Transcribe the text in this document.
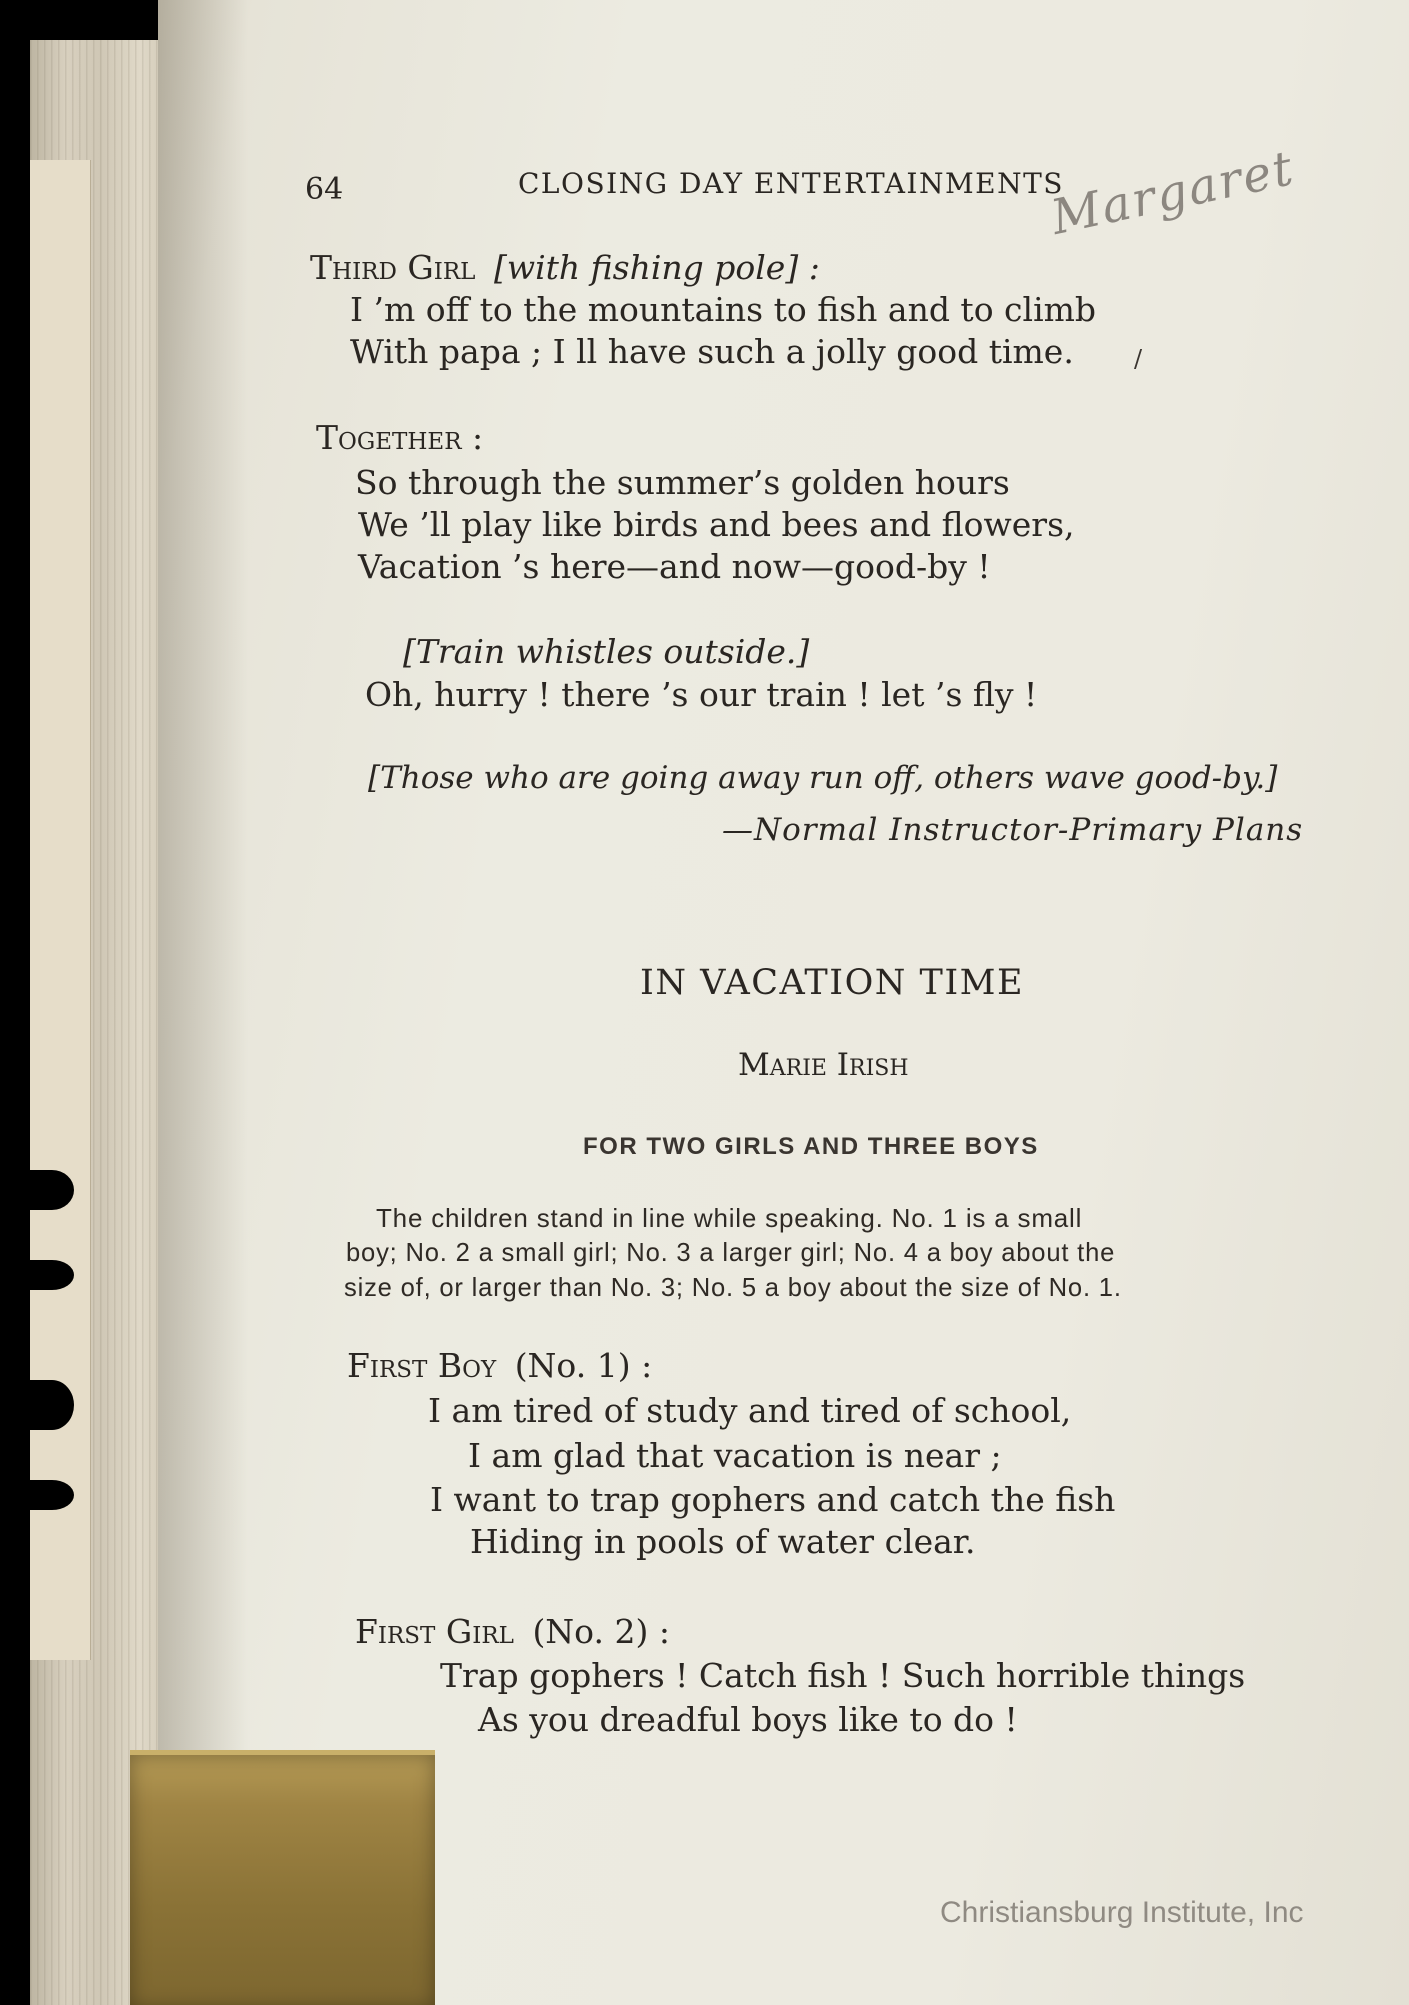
64	CLOSING DAY ENTERTAINMENTS
Margaret
Third Girl [with fishing pole] :
I ’m off to the mountains to fish and to climb
With papa ; I ll have such a jolly good time.	/
Together :
So through the summer’s golden hours
We ’ll play like birds and bees and flowers,
Vacation ’s here—and now—good-by !
[Train whistles outside.]
Oh, hurry ! there ’s our train ! let ’s fly !
[Those who are going away run off, others wave good-by.]
—Normal Instructor-Primary Plans
IN VACATION TIME
Marie Irish
FOR TWO GIRLS AND THREE BOYS
The children stand in line while speaking. No. 1 is a small
boy; No. 2 a small girl; No. 3 a larger girl; No. 4 a boy about the
size of, or larger than No. 3; No. 5 a boy about the size of No. 1.
First Boy (No. 1) :
I am tired of study and tired of school,
I am glad that vacation is near ;
I want to trap gophers and catch the fish
Hiding in pools of water clear.
First Girl (No. 2) :
Trap gophers ! Catch fish ! Such horrible things
As you dreadful boys like to do !
Christiansburg Institute, Inc
